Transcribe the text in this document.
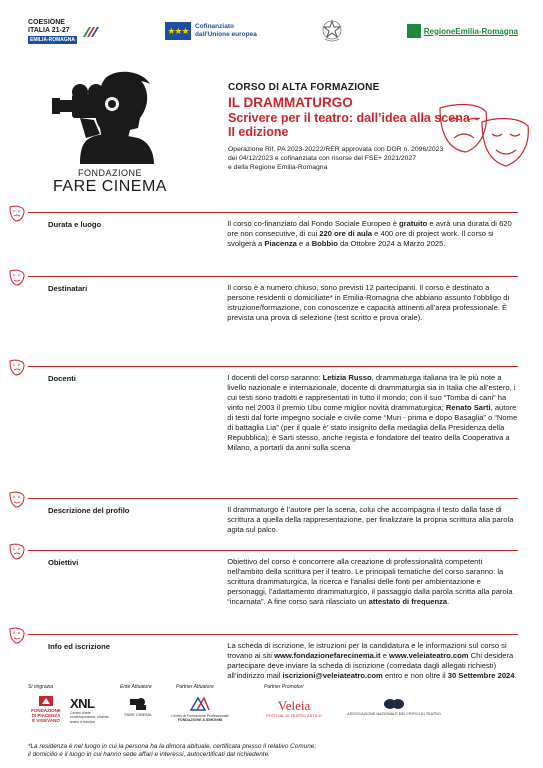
COESIONE
ITALIA 21-27
EMILIA-ROMAGNA
★★★ Cofinanziato
dall'Unione europea	RegioneEmilia-Romagna
FONDAZIONE
FARE CINEMA
CORSO DI ALTA FORMAZIONE
IL DRAMMATURGO
Scrivere per il teatro: dall’idea alla scena –
II edizione
Operazione Rif. PA 2023-20222/RER approvata con DGR n. 2096/2023
del 04/12/2023 e cofinanziata con risorse del FSE+ 2021/2027
e della Regione Emilia-Romagna
Durata e luogo	Il corso co-finanziato dal Fondo Sociale Europeo è gratuito e avrà una durata di 620 ore non consecutive, di cui 220 ore di aula e 400 ore di project work. Il corso si svolgerà a Piacenza e a Bobbio da Ottobre 2024 a Marzo 2025.
Destinatari	Il corso è a numero chiuso, sono previsti 12 partecipanti. Il corso è destinato a persone residenti o domiciliate* in Emilia-Romagna che abbiano assunto l’obbligo di istruzione/formazione, con conoscenze e capacità attinenti all’area professionale. È prevista una prova di selezione (test scritto e prova orale).
Docenti	I docenti del corso saranno: Letizia Russo, drammaturga italiana tra le più note a livello nazionale e internazionale, docente di drammaturgia sia in Italia che all’estero, i cui testi sono tradotti e rappresentati in tutto il mondo; con il suo “Tomba di cani” ha vinto nel 2003 il premio Ubu come miglior novità drammaturgica; Renato Sarti, autore di testi dal forte impegno sociale e civile come “Muri - prima e dopo Basaglia” o “Nome di battaglia Lia” (per il quale è’ stato insignito della medaglia della Presidenza della Repubblica); è Sarti stesso, anche regista e fondatore del teatro della Cooperativa a Milano, a portarli da anni sulla scena
Descrizione del profilo	Il drammaturgo è l’autore per la scena, colui che accompagna il testo dalla fase di scrittura a quella della rappresentazione, per finalizzare la propria scrittura alla parola agita sul palco.
Obiettivi	Obiettivo del corso è concorrere alla creazione di professionalità competenti nell’ambito della scrittura per il teatro. Le principali tematiche del corso saranno: la scrittura drammaturgica, la ricerca e l’analisi delle fonti per ambientazione e personaggi, l’adattamento drammaturgico, il passaggio dalla parola scritta alla parola “incarnata”. A fine corso sarà rilasciato un attestato di frequenza.
Info ed iscrizione	La scheda di iscrizione, le istruzioni per la candidatura e le informazioni sul corso si trovano ai siti www.fondazionefarecinema.it e www.veleiateatro.com Chi desidera partecipare deve inviare la scheda di iscrizione (corredata dagli allegati richiesti) all’indirizzo mail iscrizioni@veleiateatro.com entro e non oltre il 30 Settembre 2024.
Si ringrazia	Ente Attuatore	Partner Attuatore	Partner Promotori
FONDAZIONE
DI PIACENZA
E VIGEVANO
XNL
Centro d'arte contemporanea, cinema, teatro e musica
FARE CINEMA	Centro di Formazione Professionale
FONDAZIONE A.SIMONINI
Veleia
FESTIVAL DI TEATRO ANTICO	ASSOCIAZIONE NAZIONALE DEI CRITICI DI TEATRO
*La residenza è nel luogo in cui la persona ha la dimora abituale, certificata presso il relativo Comune;
il domicilio è il luogo in cui hanno sede affari e interessi, autocertificati dal richiedente.
